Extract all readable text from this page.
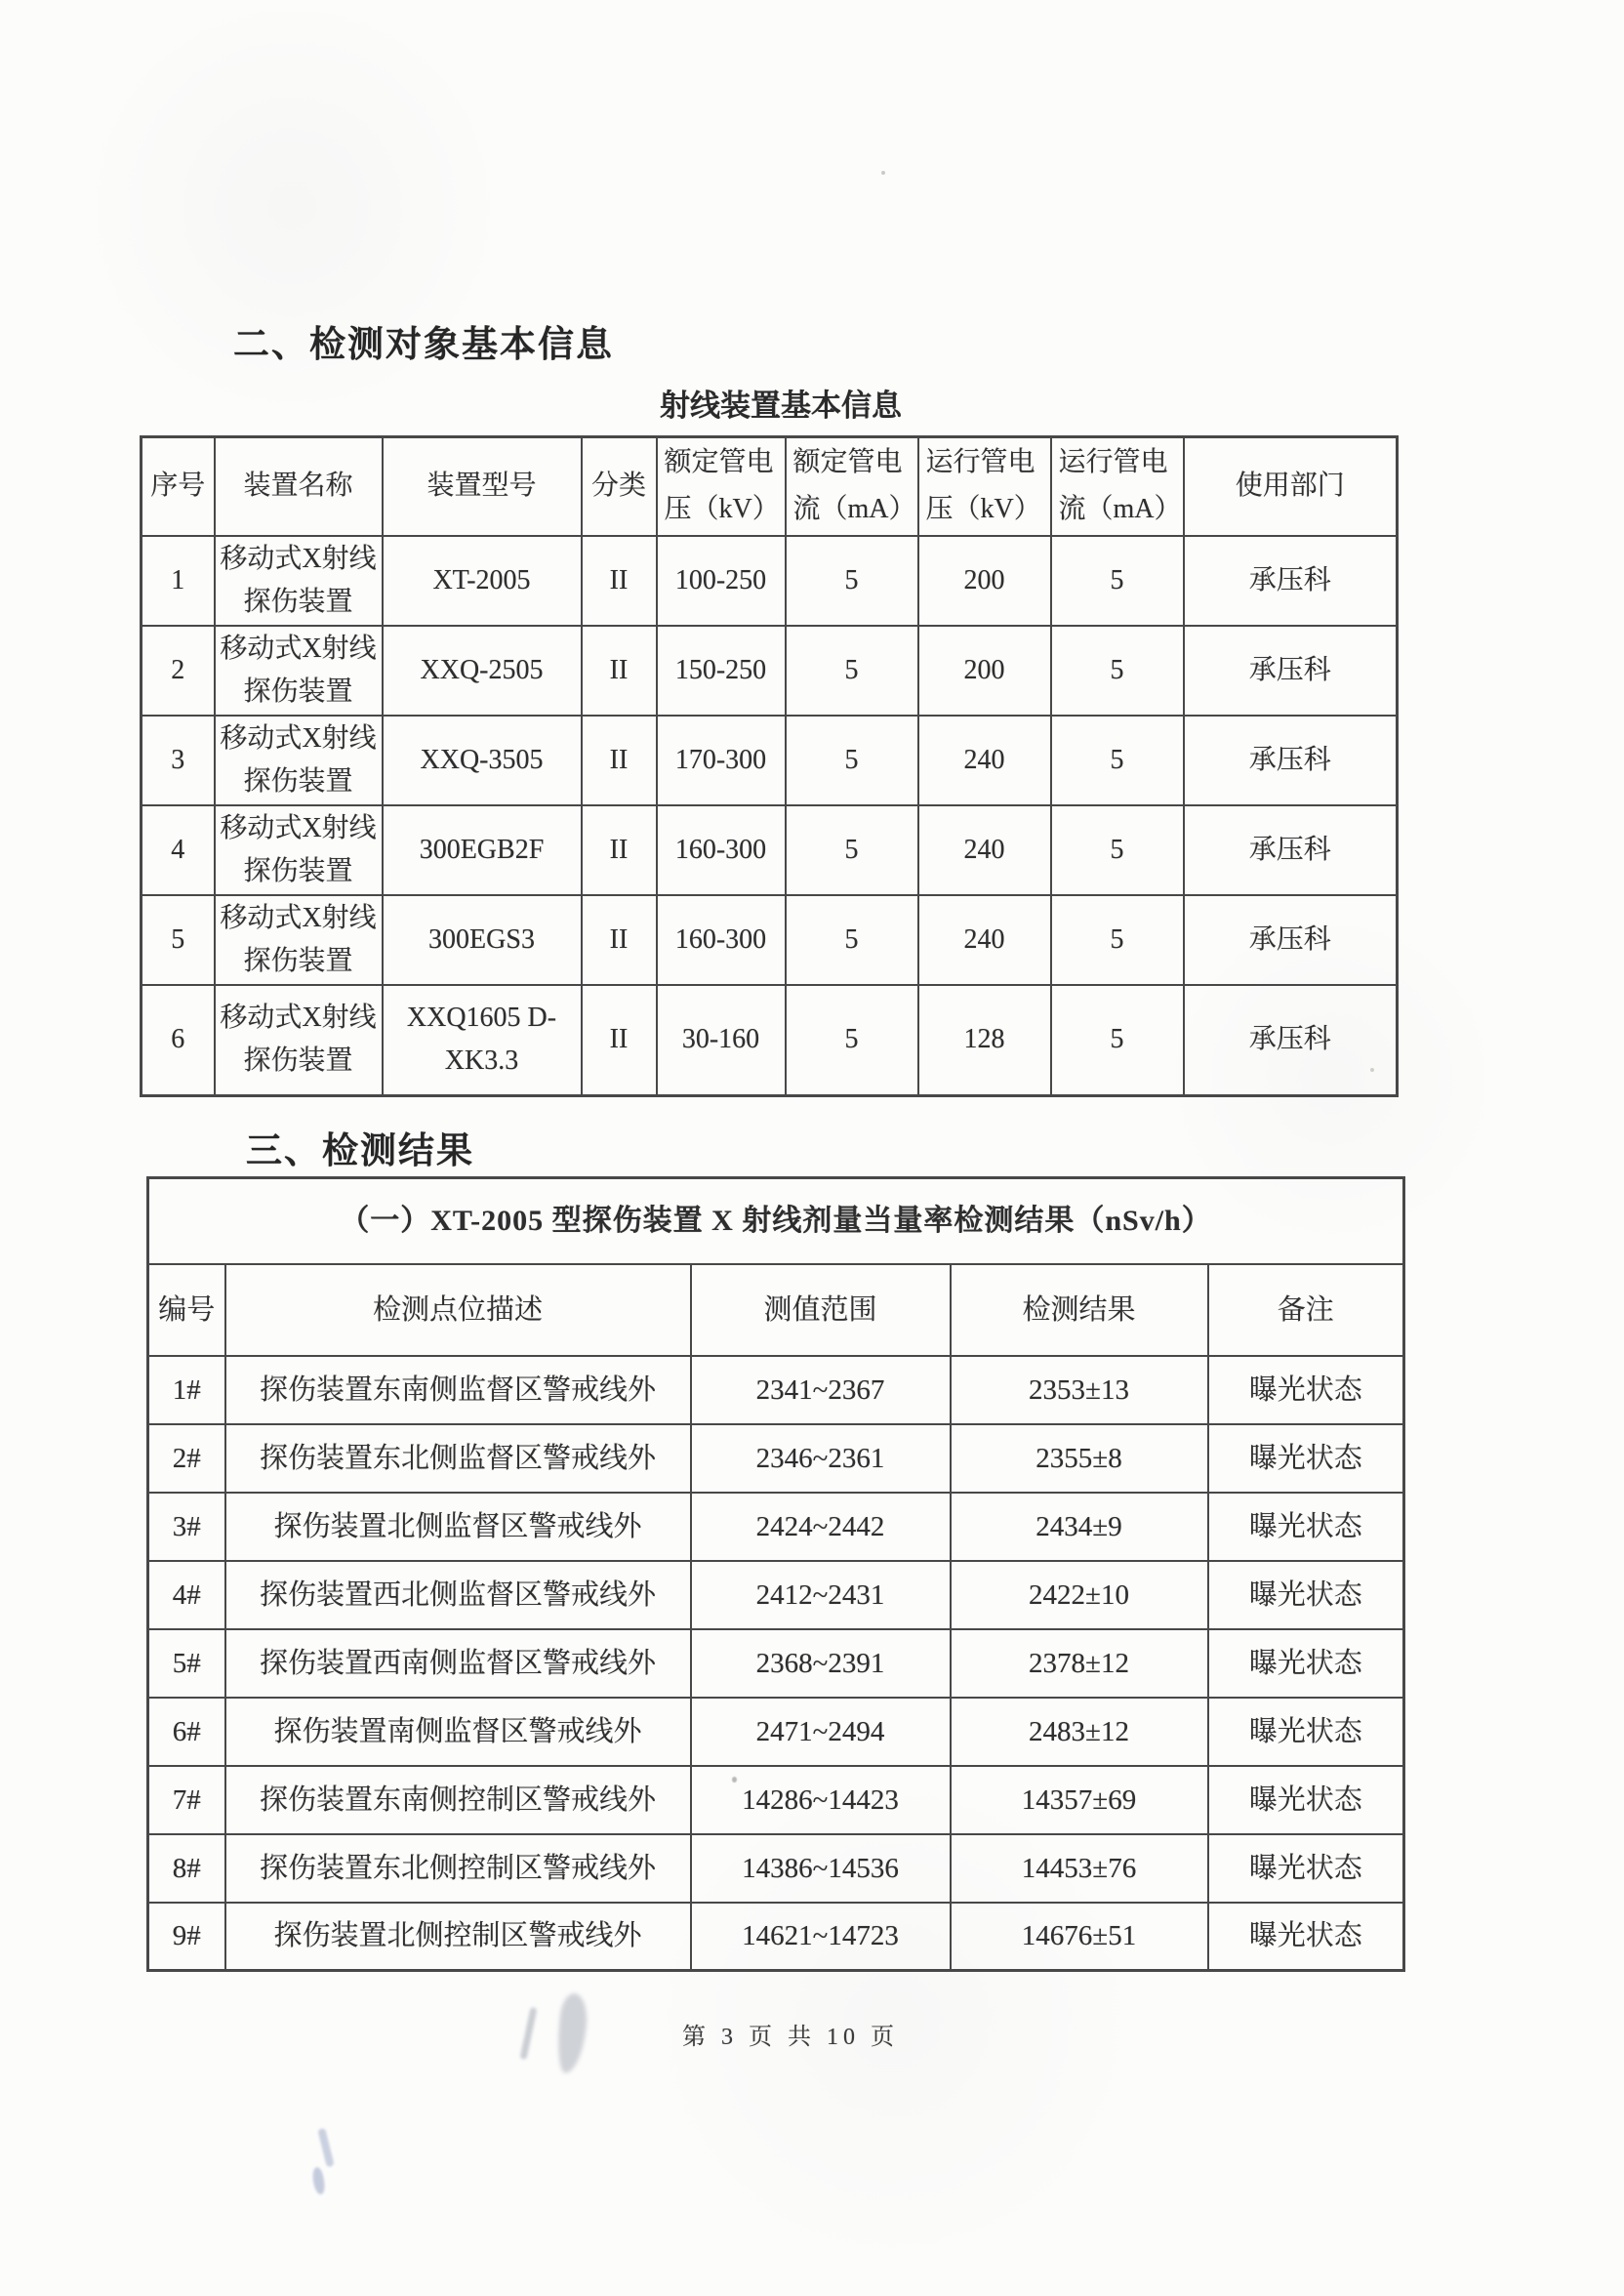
二、检测对象基本信息
射线装置基本信息
序号	装置名称	装置型号	分类	额定管电压（kV）	额定管电流（mA）	运行管电压（kV）	运行管电流（mA）	使用部门
1	移动式X射线探伤装置	XT-2005	II	100-250	5	200	5	承压科
2	移动式X射线探伤装置	XXQ-2505	II	150-250	5	200	5	承压科
3	移动式X射线探伤装置	XXQ-3505	II	170-300	5	240	5	承压科
4	移动式X射线探伤装置	300EGB2F	II	160-300	5	240	5	承压科
5	移动式X射线探伤装置	300EGS3	II	160-300	5	240	5	承压科
6	移动式X射线探伤装置	XXQ1605 D-XK3.3	II	30-160	5	128	5	承压科
三、检测结果
（一）XT-2005 型探伤装置 X 射线剂量当量率检测结果（nSv/h）				
编号	检测点位描述	测值范围	检测结果	备注
1#	探伤装置东南侧监督区警戒线外	2341~2367	2353±13	曝光状态
2#	探伤装置东北侧监督区警戒线外	2346~2361	2355±8	曝光状态
3#	探伤装置北侧监督区警戒线外	2424~2442	2434±9	曝光状态
4#	探伤装置西北侧监督区警戒线外	2412~2431	2422±10	曝光状态
5#	探伤装置西南侧监督区警戒线外	2368~2391	2378±12	曝光状态
6#	探伤装置南侧监督区警戒线外	2471~2494	2483±12	曝光状态
7#	探伤装置东南侧控制区警戒线外	14286~14423	14357±69	曝光状态
8#	探伤装置东北侧控制区警戒线外	14386~14536	14453±76	曝光状态
9#	探伤装置北侧控制区警戒线外	14621~14723	14676±51	曝光状态
第 3 页 共 10 页
